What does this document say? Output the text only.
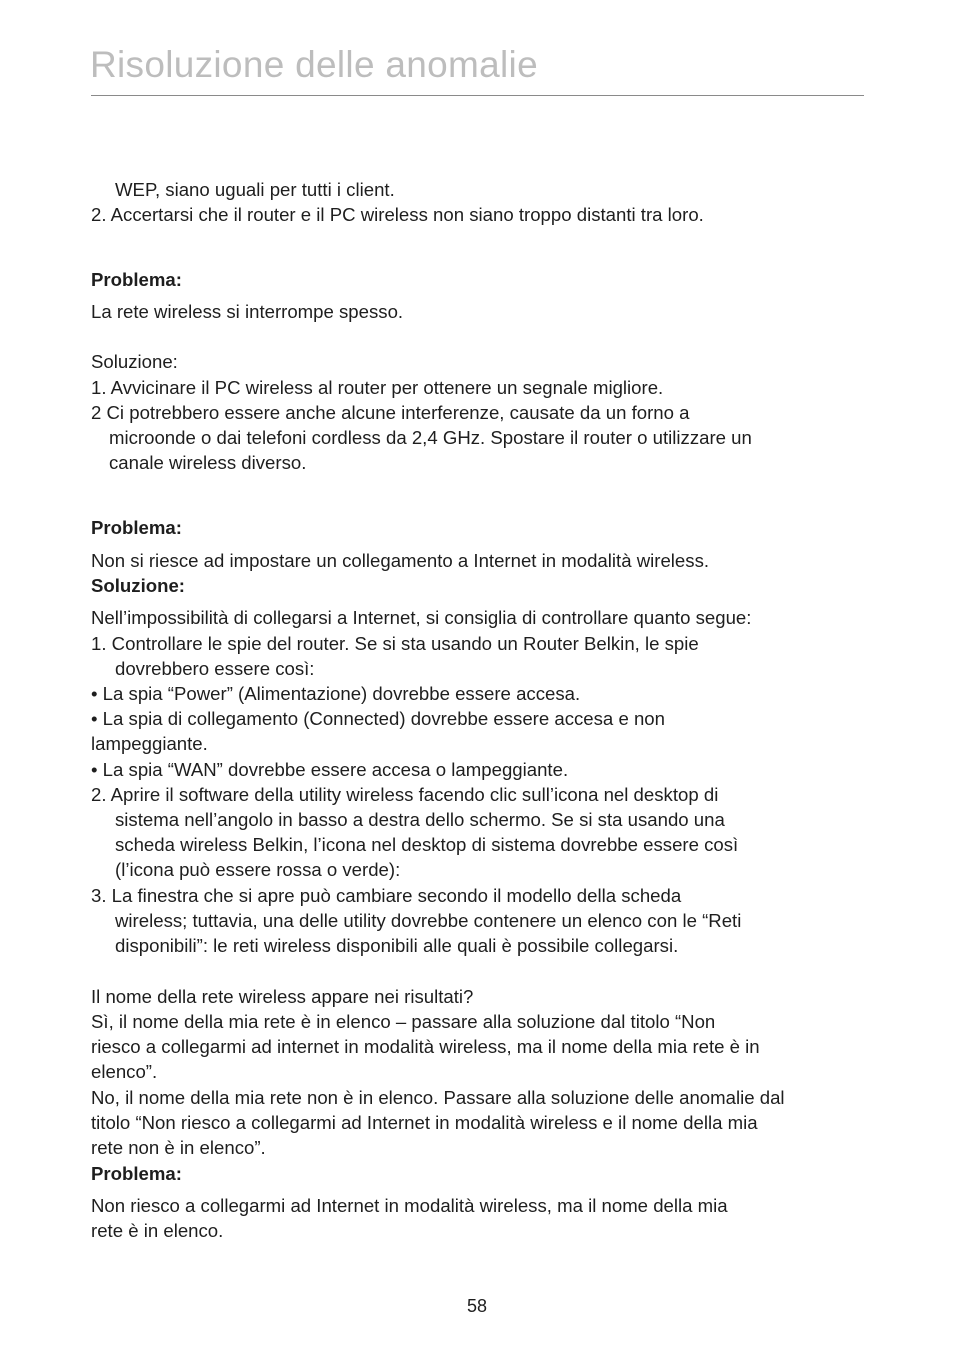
Risoluzione delle anomalie
WEP, siano uguali per tutti i client.
2. Accertarsi che il router e il PC wireless non siano troppo distanti tra loro.
Problema:
La rete wireless si interrompe spesso.
Soluzione:
1. Avvicinare il PC wireless al router per ottenere un segnale migliore.
2 Ci potrebbero essere anche alcune interferenze, causate da un forno a
microonde o dai telefoni cordless da 2,4 GHz. Spostare il router o utilizzare un
canale wireless diverso.
Problema:
Non si riesce ad impostare un collegamento a Internet in modalità wireless.
Soluzione:
Nell’impossibilità di collegarsi a Internet, si consiglia di controllare quanto segue:
1. Controllare le spie del router. Se si sta usando un Router Belkin, le spie
dovrebbero essere così:
• La spia “Power” (Alimentazione) dovrebbe essere accesa.
• La spia di collegamento (Connected) dovrebbe essere accesa e non
lampeggiante.
• La spia “WAN” dovrebbe essere accesa o lampeggiante.
2. Aprire il software della utility wireless facendo clic sull’icona nel desktop di
sistema nell’angolo in basso a destra dello schermo. Se si sta usando una
scheda wireless Belkin, l’icona nel desktop di sistema dovrebbe essere così
(l’icona può essere rossa o verde):
3. La finestra che si apre può cambiare secondo il modello della scheda
wireless; tuttavia, una delle utility dovrebbe contenere un elenco con le “Reti
disponibili”: le reti wireless disponibili alle quali è possibile collegarsi.
Il nome della rete wireless appare nei risultati?
Sì, il nome della mia rete è in elenco – passare alla soluzione dal titolo “Non
riesco a collegarmi ad internet in modalità wireless, ma il nome della mia rete è in
elenco”.
No, il nome della mia rete non è in elenco. Passare alla soluzione delle anomalie dal
titolo “Non riesco a collegarmi ad Internet in modalità wireless e il nome della mia
rete non è in elenco”.
Problema:
Non riesco a collegarmi ad Internet in modalità wireless, ma il nome della mia
rete è in elenco.
58
